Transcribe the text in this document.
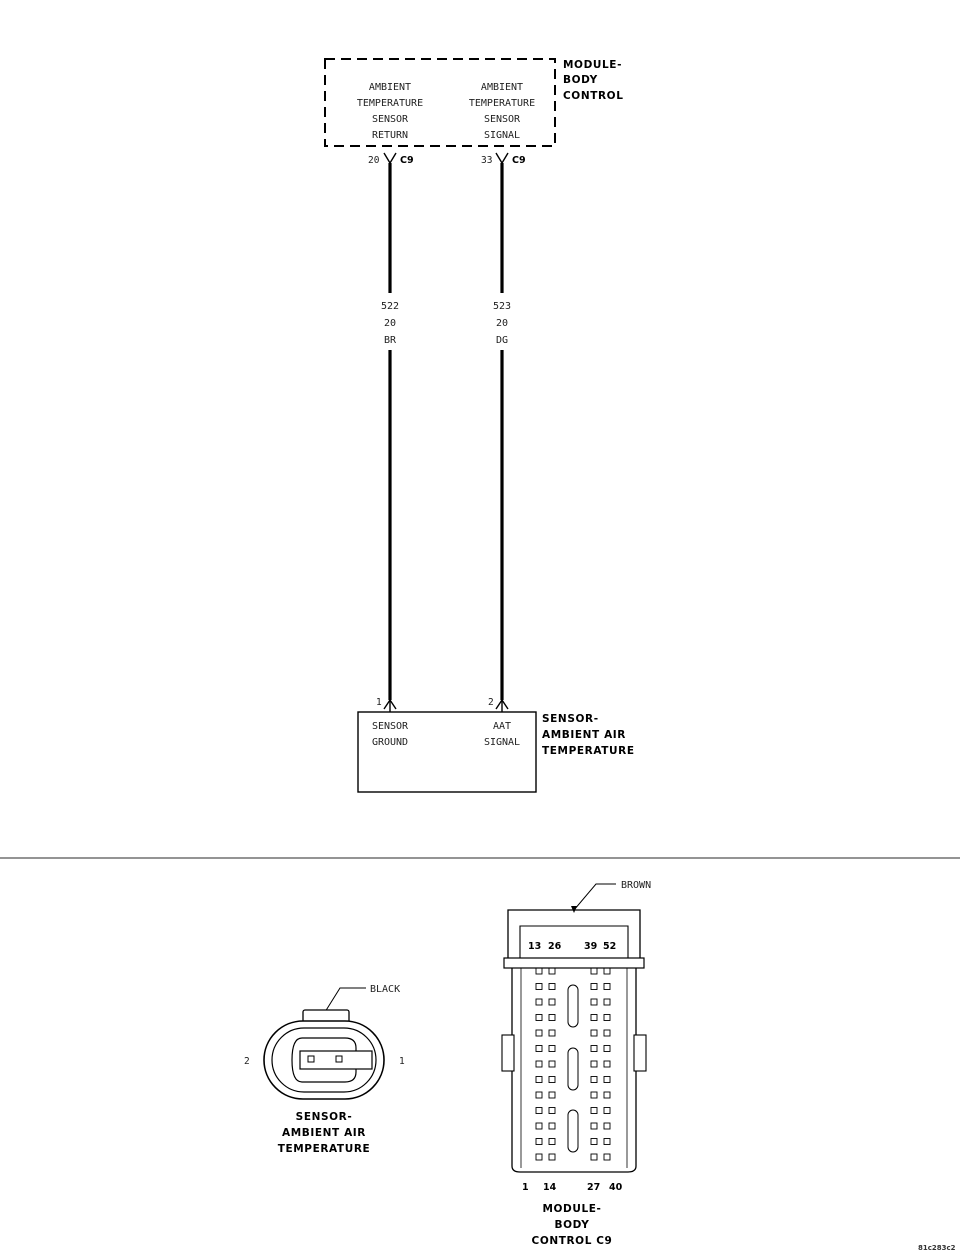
MODULE-
BODY
CONTROL
AMBIENT
TEMPERATURE
SENSOR
RETURN
AMBIENT
TEMPERATURE
SENSOR
SIGNAL
20 C9	33 C9
522
20
BR
523
20
DG
1	2
SENSOR
GROUND
AAT
SIGNAL
SENSOR-
AMBIENT AIR
TEMPERATURE
BLACK
2	1
SENSOR-
AMBIENT AIR
TEMPERATURE
BROWN
13 26 39 52
1 14	27 40
MODULE-
BODY
CONTROL C9
81c283c2
